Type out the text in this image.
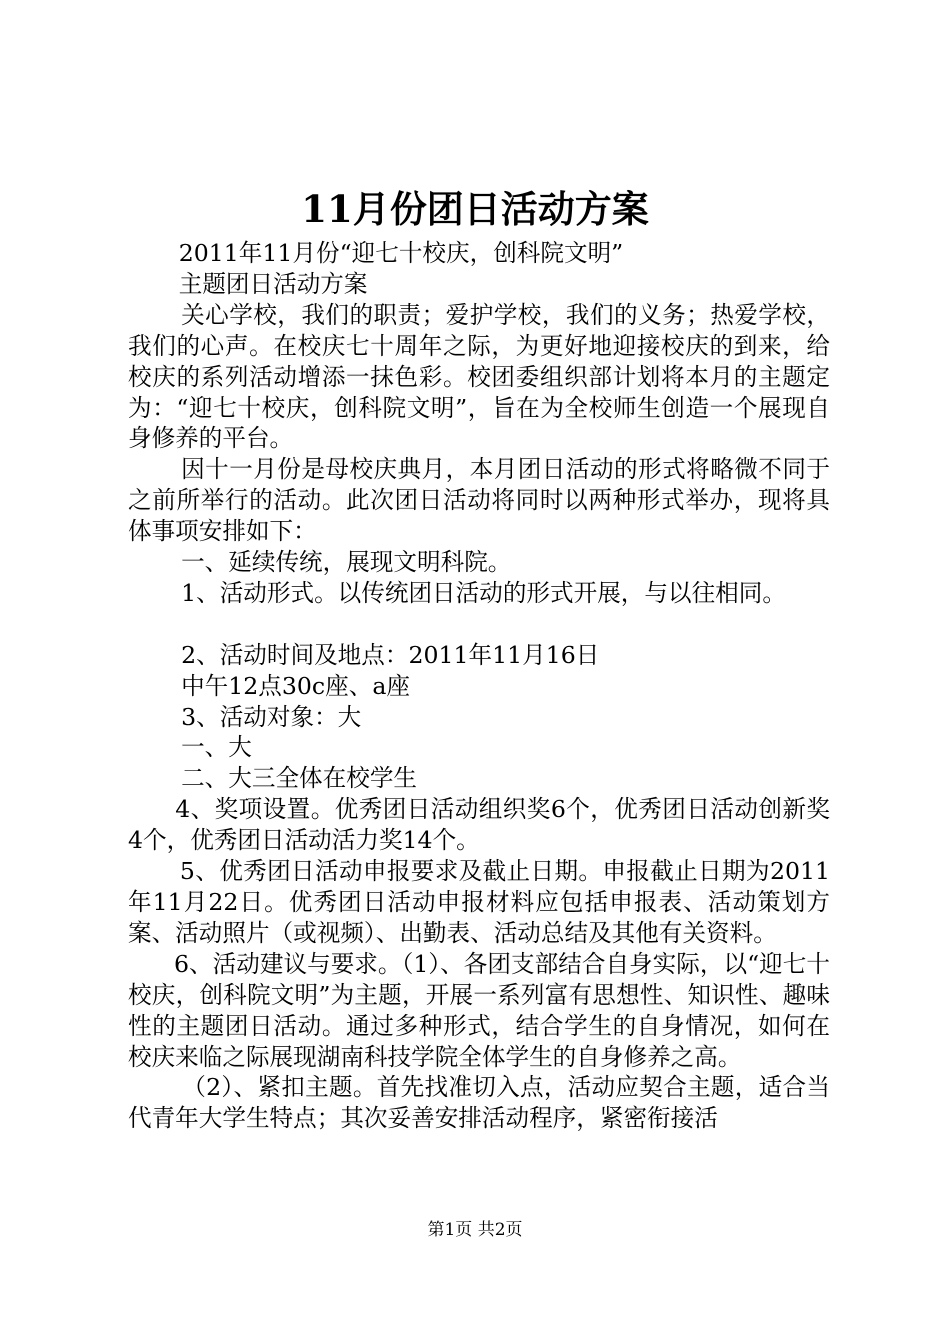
11月份团日活动方案

2011年11月份“迎七十校庆，创科院文明”

主题团日活动方案

关心学校，我们的职责；爱护学校，我们的义务；热爱学校，我们的心声。在校庆七十周年之际，为更好地迎接校庆的到来，给校庆的系列活动增添一抹色彩。校团委组织部计划将本月的主题定为：“迎七十校庆，创科院文明”，旨在为全校师生创造一个展现自身修养的平台。

因十一月份是母校庆典月，本月团日活动的形式将略微不同于之前所举行的活动。此次团日活动将同时以两种形式举办，现将具体事项安排如下：

一、延续传统，展现文明科院。

1、活动形式。以传统团日活动的形式开展，与以往相同。

2、活动时间及地点：2011年11月16日

中午12点30c座、a座

3、活动对象：大

一、大

二、大三全体在校学生

4、奖项设置。优秀团日活动组织奖6个，优秀团日活动创新奖4个，优秀团日活动活力奖14个。

5、优秀团日活动申报要求及截止日期。申报截止日期为2011年11月22日。优秀团日活动申报材料应包括申报表、活动策划方案、活动照片（或视频）、出勤表、活动总结及其他有关资料。

6、活动建议与要求。（1）、各团支部结合自身实际，以“迎七十校庆，创科院文明”为主题，开展一系列富有思想性、知识性、趣味性的主题团日活动。通过多种形式，结合学生的自身情况，如何在校庆来临之际展现湖南科技学院全体学生的自身修养之高。

（2）、紧扣主题。首先找准切入点，活动应契合主题，适合当代青年大学生特点；其次妥善安排活动程序，紧密衔接活

第1页 共2页
